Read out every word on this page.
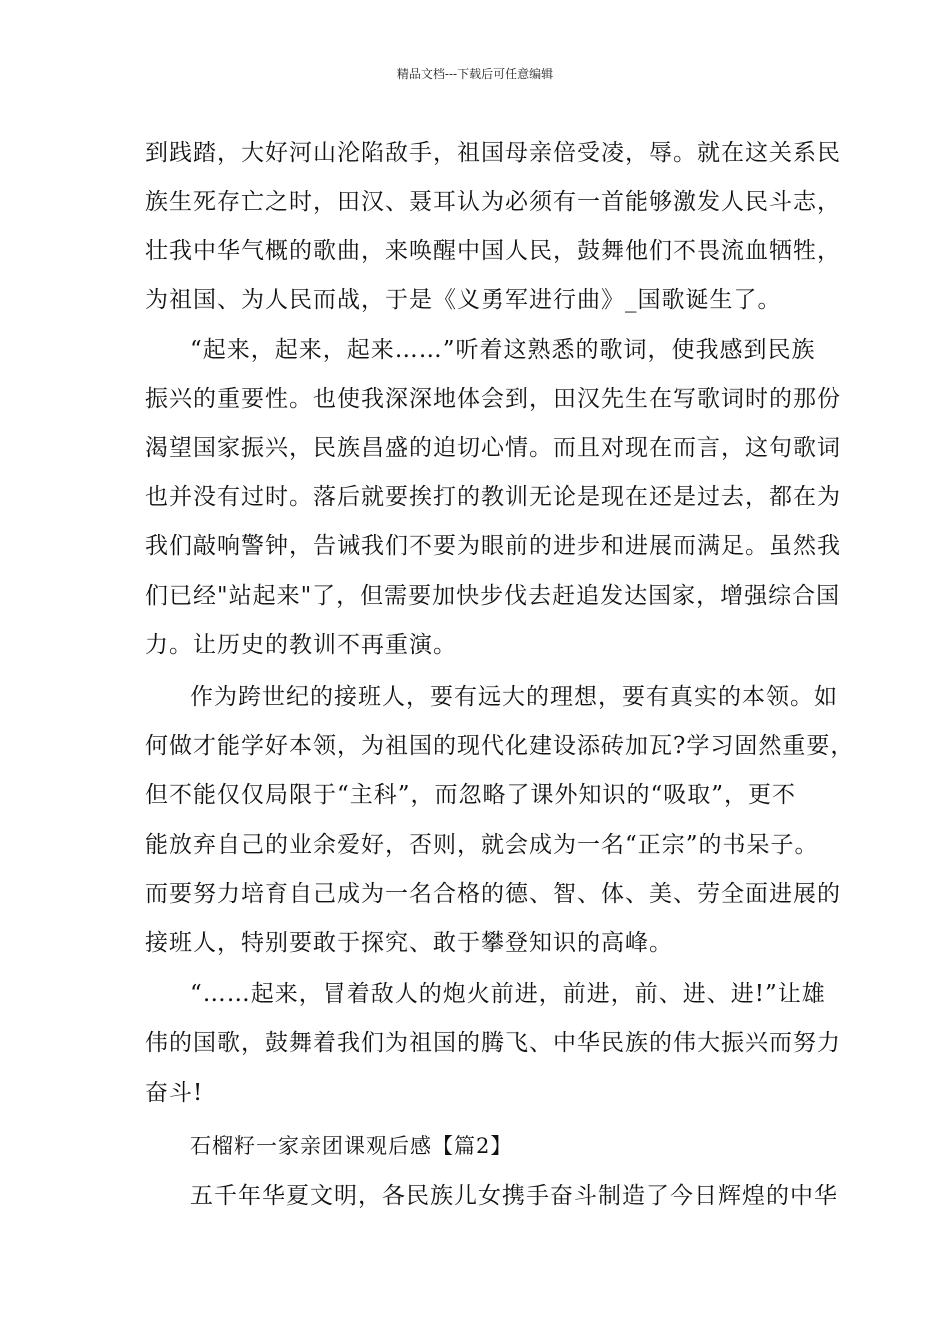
精品文档---下载后可任意编辑
到践踏，大好河山沦陷敌手，祖国母亲倍受凌，辱。就在这关系民
族生死存亡之时，田汉、聂耳认为必须有一首能够激发人民斗志，
壮我中华气概的歌曲，来唤醒中国人民，鼓舞他们不畏流血牺牲，
为祖国、为人民而战，于是《义勇军进行曲》_国歌诞生了。
“起来，起来，起来……”听着这熟悉的歌词，使我感到民族
振兴的重要性。也使我深深地体会到，田汉先生在写歌词时的那份
渴望国家振兴，民族昌盛的迫切心情。而且对现在而言，这句歌词
也并没有过时。落后就要挨打的教训无论是现在还是过去，都在为
我们敲响警钟，告诫我们不要为眼前的进步和进展而满足。虽然我
们已经"站起来"了，但需要加快步伐去赶追发达国家，增强综合国
力。让历史的教训不再重演。
作为跨世纪的接班人，要有远大的理想，要有真实的本领。如
何做才能学好本领，为祖国的现代化建设添砖加瓦?学习固然重要，
但不能仅仅局限于“主科”，而忽略了课外知识的“吸取”，更不
能放弃自己的业余爱好，否则，就会成为一名“正宗”的书呆子。
而要努力培育自己成为一名合格的德、智、体、美、劳全面进展的
接班人，特别要敢于探究、敢于攀登知识的高峰。
“……起来，冒着敌人的炮火前进，前进，前、进、进!”让雄
伟的国歌，鼓舞着我们为祖国的腾飞、中华民族的伟大振兴而努力
奋斗!
石榴籽一家亲团课观后感【篇2】
五千年华夏文明，各民族儿女携手奋斗制造了今日辉煌的中华
